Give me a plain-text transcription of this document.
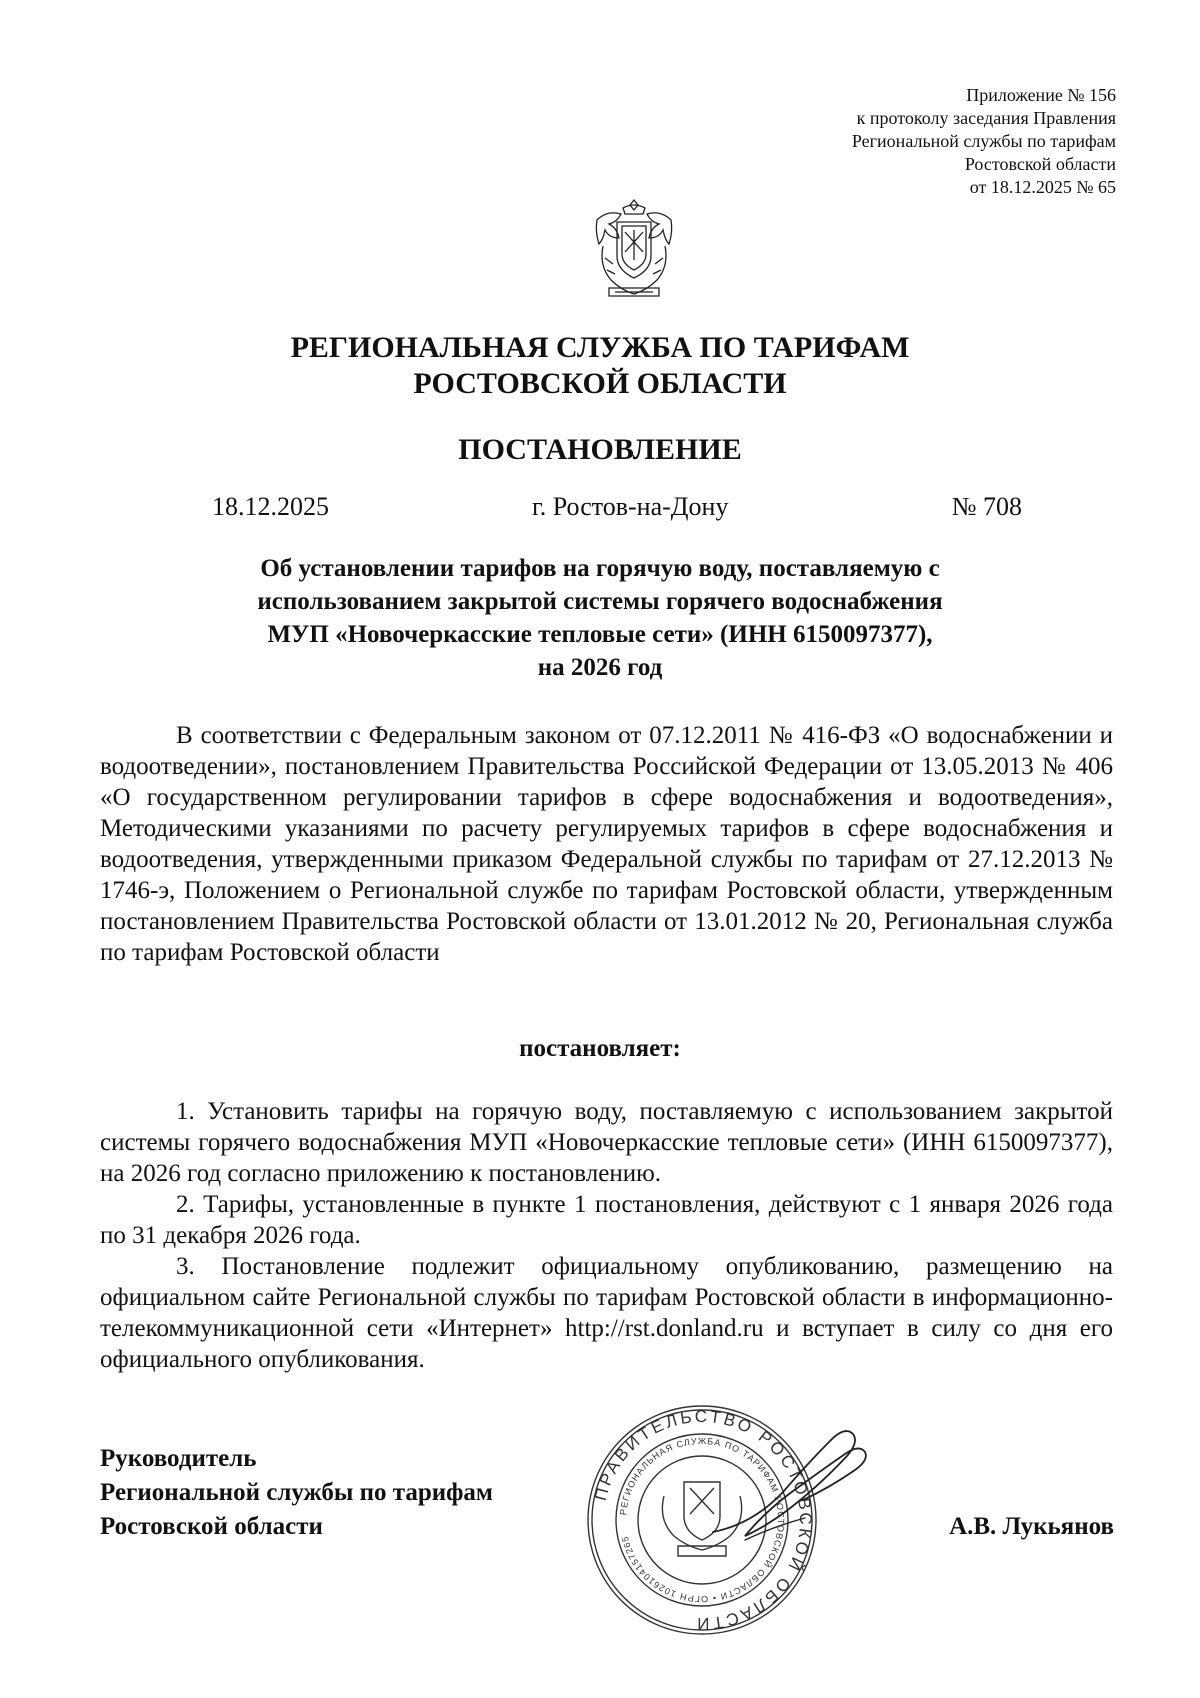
Приложение № 156
к протоколу заседания Правления
Региональной службы по тарифам
Ростовской области
от 18.12.2025 № 65
РЕГИОНАЛЬНАЯ СЛУЖБА ПО ТАРИФАМ
РОСТОВСКОЙ ОБЛАСТИ
ПОСТАНОВЛЕНИЕ
18.12.2025	г. Ростов-на-Дону	№ 708
Об установлении тарифов на горячую воду, поставляемую с
использованием закрытой системы горячего водоснабжения
МУП «Новочеркасские тепловые сети» (ИНН 6150097377),
на 2026 год

В соответствии с Федеральным законом от 07.12.2011 № 416-ФЗ «О водоснабжении и водоотведении», постановлением Правительства Российской Федерации от 13.05.2013 № 406 «О государственном регулировании тарифов в сфере водоснабжения и водоотведения», Методическими указаниями по расчету регулируемых тарифов в сфере водоснабжения и водоотведения, утвержденными приказом Федеральной службы по тарифам от 27.12.2013 № 1746-э, Положением о Региональной службе по тарифам Ростовской области, утвержденным постановлением Правительства Ростовской области от 13.01.2012 № 20, Региональная служба по тарифам Ростовской области

постановляет:

1. Установить тарифы на горячую воду, поставляемую с использованием закрытой системы горячего водоснабжения МУП «Новочеркасские тепловые сети» (ИНН 6150097377), на 2026 год согласно приложению к постановлению.

2. Тарифы, установленные в пункте 1 постановления, действуют с 1 января 2026 года по 31 декабря 2026 года.

3. Постановление подлежит официальному опубликованию, размещению на официальном сайте Региональной службы по тарифам Ростовской области в информационно-телекоммуникационной сети «Интернет» http://rst.donland.ru и вступает в силу со дня его официального опубликования.

Руководитель
Региональной службы по тарифам
Ростовской области
ПРАВИТЕЛЬСТВО РОСТОВСКОЙ ОБЛАСТИ
РЕГИОНАЛЬНАЯ СЛУЖБА ПО ТАРИФАМ РОСТОВСКОЙ ОБЛАСТИ • ОГРН 1026104157265	А.В. Лукьянов
